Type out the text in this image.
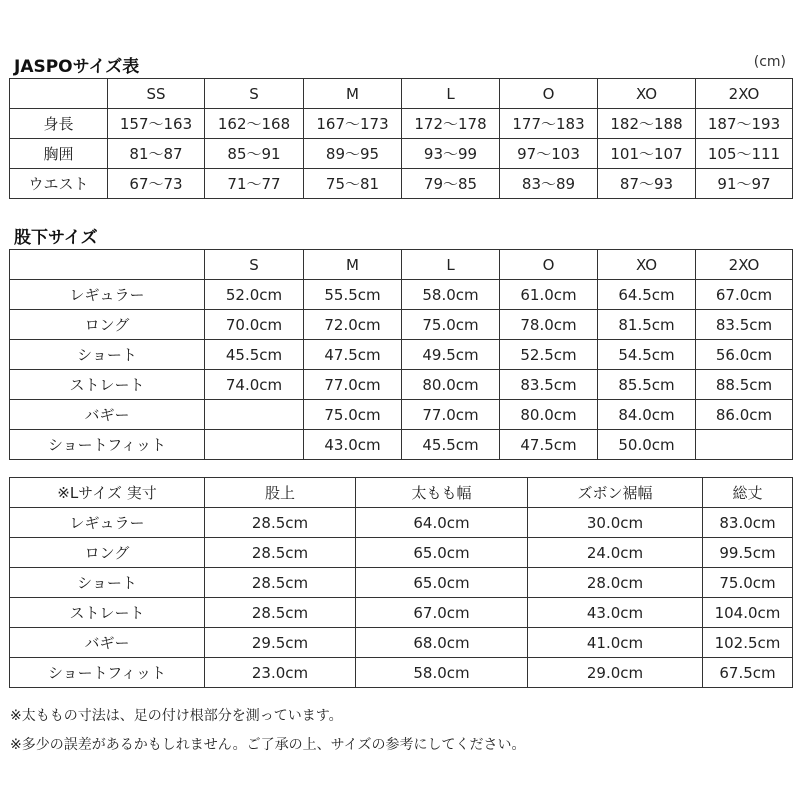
JASPOサイズ表	(cm)
	SS	S	M	L	O	XO	2XO
身長	157〜163	162〜168	167〜173	172〜178	177〜183	182〜188	187〜193
胸囲	81〜87	85〜91	89〜95	93〜99	97〜103	101〜107	105〜111
ウエスト	67〜73	71〜77	75〜81	79〜85	83〜89	87〜93	91〜97
股下サイズ
	S	M	L	O	XO	2XO
レギュラー	52.0cm	55.5cm	58.0cm	61.0cm	64.5cm	67.0cm
ロング	70.0cm	72.0cm	75.0cm	78.0cm	81.5cm	83.5cm
ショート	45.5cm	47.5cm	49.5cm	52.5cm	54.5cm	56.0cm
ストレート	74.0cm	77.0cm	80.0cm	83.5cm	85.5cm	88.5cm
バギー		75.0cm	77.0cm	80.0cm	84.0cm	86.0cm
ショートフィット		43.0cm	45.5cm	47.5cm	50.0cm	
※Lサイズ 実寸	股上	太もも幅	ズボン裾幅	総丈
レギュラー	28.5cm	64.0cm	30.0cm	83.0cm
ロング	28.5cm	65.0cm	24.0cm	99.5cm
ショート	28.5cm	65.0cm	28.0cm	75.0cm
ストレート	28.5cm	67.0cm	43.0cm	104.0cm
バギー	29.5cm	68.0cm	41.0cm	102.5cm
ショートフィット	23.0cm	58.0cm	29.0cm	67.5cm
※太ももの寸法は、足の付け根部分を測っています。
※多少の誤差があるかもしれません。ご了承の上、サイズの参考にしてください。
